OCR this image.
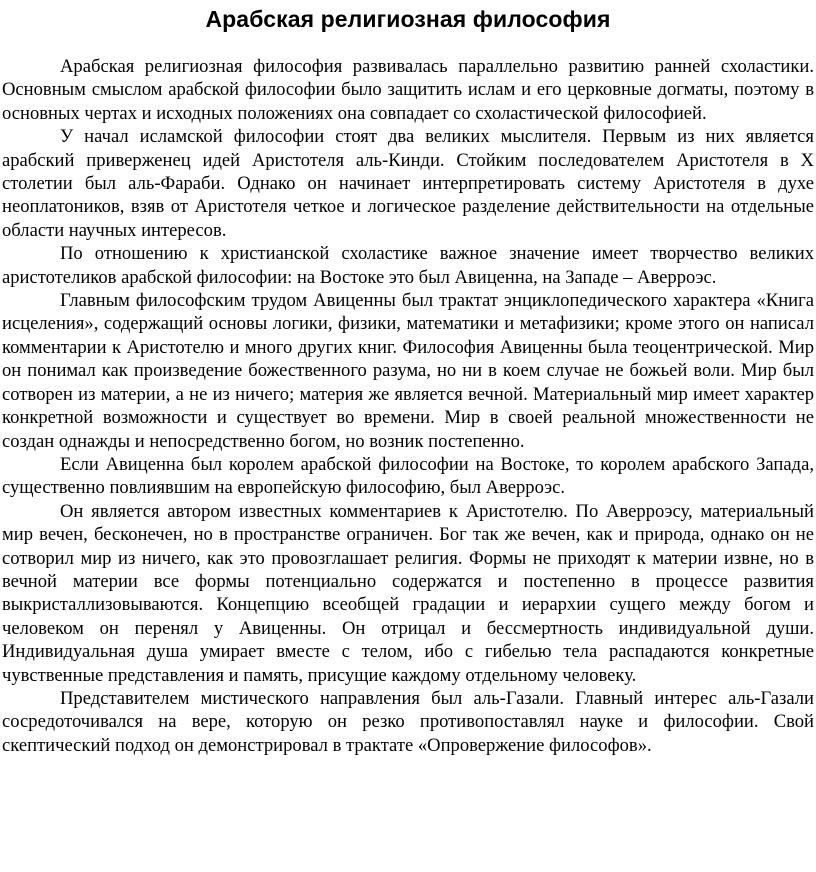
Арабская религиозная философия

Арабская религиозная философия развивалась параллельно развитию ранней схоластики. Основным смыслом арабской философии было защитить ислам и его церковные догматы, поэтому в основных чертах и исходных положениях она совпадает со схоластической философией.

У начал исламской философии стоят два великих мыслителя. Первым из них является арабский приверженец идей Аристотеля аль-Кинди. Стойким последователем Аристотеля в X столетии был аль-Фараби. Однако он начинает интерпретировать систему Аристотеля в духе неоплатоников, взяв от Аристотеля четкое и логическое разделение действительности на отдельные области научных интересов.

По отношению к христианской схоластике важное значение имеет творчество великих аристотеликов арабской философии: на Востоке это был Авиценна, на Западе – Аверроэс.

Главным философским трудом Авиценны был трактат энциклопедического характера «Книга исцеления», содержащий основы логики, физики, математики и метафизики; кроме этого он написал комментарии к Аристотелю и много других книг. Философия Авиценны была теоцентрической. Мир он понимал как произведение божественного разума, но ни в коем случае не божьей воли. Мир был сотворен из материи, а не из ничего; материя же является вечной. Материальный мир имеет характер конкретной возможности и существует во времени. Мир в своей реальной множественности не создан однажды и непосредственно богом, но возник постепенно.

Если Авиценна был королем арабской философии на Востоке, то королем арабского Запада, существенно повлиявшим на европейскую философию, был Аверроэс.

Он является автором известных комментариев к Аристотелю. По Аверроэсу, материальный мир вечен, бесконечен, но в пространстве ограничен. Бог так же вечен, как и природа, однако он не сотворил мир из ничего, как это провозглашает религия. Формы не приходят к материи извне, но в вечной материи все формы потенциально содержатся и постепенно в процессе развития выкристаллизовываются. Концепцию всеобщей градации и иерархии сущего между богом и человеком он перенял у Авиценны. Он отрицал и бессмертность индивидуальной души. Индивидуальная душа умирает вместе с телом, ибо с гибелью тела распадаются конкретные чувственные представления и память, присущие каждому отдельному человеку.

Представителем мистического направления был аль-Газали. Главный интерес аль-Газали сосредоточивался на вере, которую он резко противопоставлял науке и философии. Свой скептический подход он демонстрировал в трактате «Опровержение философов».
